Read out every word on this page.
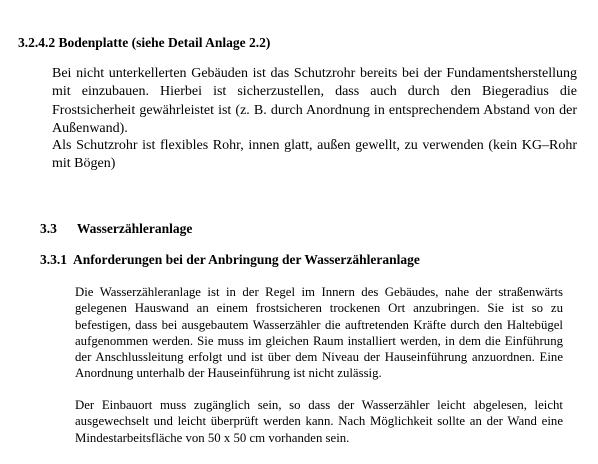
3.2.4.2 Bodenplatte (siehe Detail Anlage 2.2)

Bei nicht unterkellerten Gebäuden ist das Schutzrohr bereits bei der Fundamentsherstellung mit einzubauen. Hierbei ist sicherzustellen, dass auch durch den Biegeradius die Frostsicherheit gewährleistet ist (z. B. durch Anordnung in entsprechendem Abstand von der Außenwand).

Als Schutzrohr ist flexibles Rohr, innen glatt, außen gewellt, zu verwenden (kein KG–Rohr mit Bögen)

3.3      Wasserzähleranlage
3.3.1  Anforderungen bei der Anbringung der Wasserzähleranlage

Die Wasserzähleranlage ist in der Regel im Innern des Gebäudes, nahe der straßenwärts gelegenen Hauswand an einem frostsicheren trockenen Ort anzubringen. Sie ist so zu befestigen, dass bei ausgebautem Wasserzähler die auftretenden Kräfte durch den Haltebügel aufgenommen werden. Sie muss im gleichen Raum installiert werden, in dem die Einführung der Anschlussleitung erfolgt und ist über dem Niveau der Hauseinführung anzuordnen. Eine Anordnung unterhalb der Hauseinführung ist nicht zulässig.

Der Einbauort muss zugänglich sein, so dass der Wasserzähler leicht abgelesen, leicht ausgewechselt und leicht überprüft werden kann. Nach Möglichkeit sollte an der Wand eine Mindestarbeitsfläche von 50 x 50 cm vorhanden sein.
